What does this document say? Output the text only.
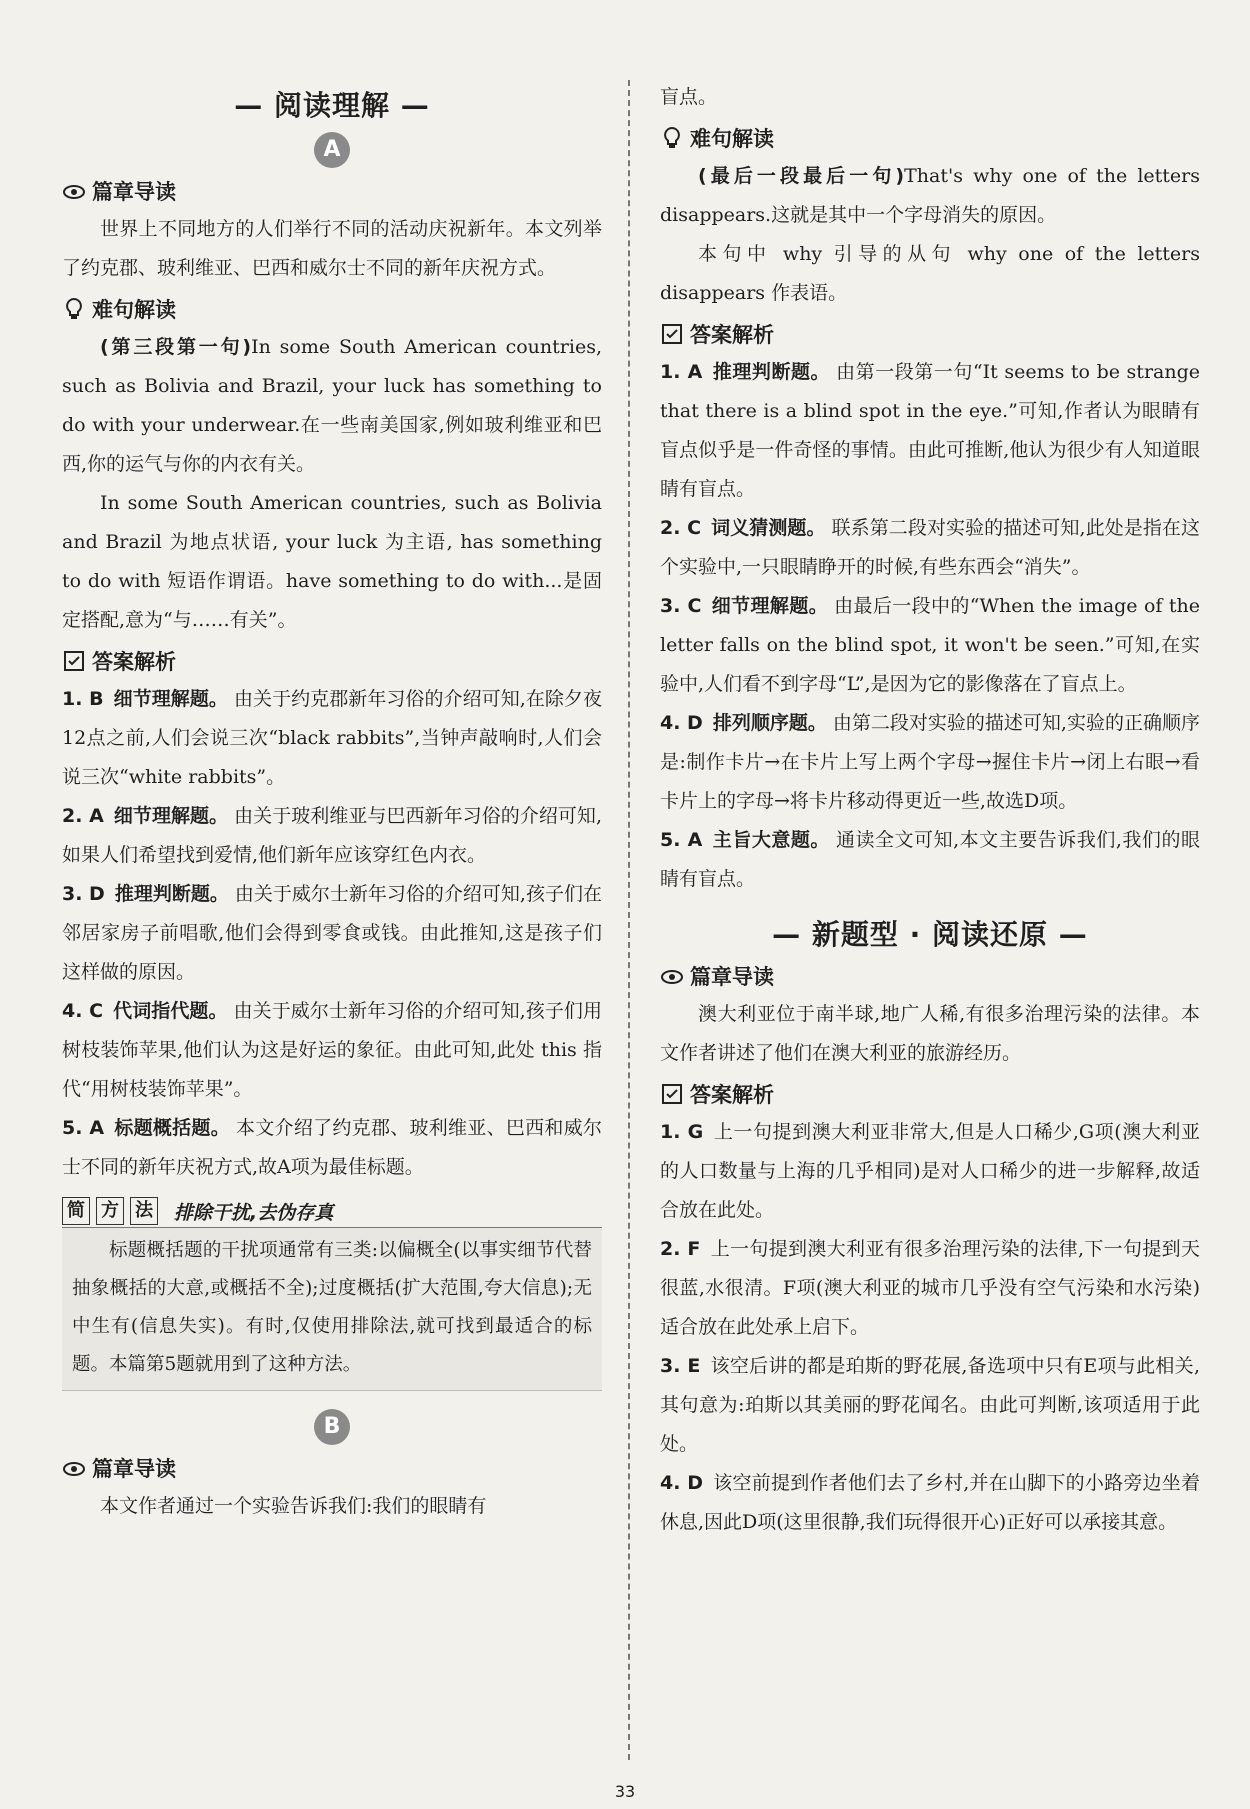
— 阅读理解 —
A
篇章导读

世界上不同地方的人们举行不同的活动庆祝新年。本文列举了约克郡、玻利维亚、巴西和威尔士不同的新年庆祝方式。

难句解读

(第三段第一句)In some South American countries, such as Bolivia and Brazil, your luck has something to do with your underwear.在一些南美国家,例如玻利维亚和巴西,你的运气与你的内衣有关。

In some South American countries, such as Bolivia and Brazil 为地点状语, your luck 为主语, has something to do with 短语作谓语。have something to do with...是固定搭配,意为“与……有关”。

答案解析

1. B 细节理解题。 由关于约克郡新年习俗的介绍可知,在除夕夜12点之前,人们会说三次“black rabbits”,当钟声敲响时,人们会说三次“white rabbits”。

2. A 细节理解题。 由关于玻利维亚与巴西新年习俗的介绍可知,如果人们希望找到爱情,他们新年应该穿红色内衣。

3. D 推理判断题。 由关于威尔士新年习俗的介绍可知,孩子们在邻居家房子前唱歌,他们会得到零食或钱。由此推知,这是孩子们这样做的原因。

4. C 代词指代题。 由关于威尔士新年习俗的介绍可知,孩子们用树枝装饰苹果,他们认为这是好运的象征。由此可知,此处 this 指代“用树枝装饰苹果”。

5. A 标题概括题。 本文介绍了约克郡、玻利维亚、巴西和威尔士不同的新年庆祝方式,故A项为最佳标题。

简 方 法 排除干扰,去伪存真

标题概括题的干扰项通常有三类:以偏概全(以事实细节代替抽象概括的大意,或概括不全);过度概括(扩大范围,夸大信息);无中生有(信息失实)。有时,仅使用排除法,就可找到最适合的标题。本篇第5题就用到了这种方法。

B
篇章导读

本文作者通过一个实验告诉我们:我们的眼睛有

盲点。

难句解读

(最后一段最后一句)That's why one of the letters disappears.这就是其中一个字母消失的原因。

本句中 why 引导的从句 why one of the letters disappears 作表语。

答案解析

1. A 推理判断题。 由第一段第一句“It seems to be strange that there is a blind spot in the eye.”可知,作者认为眼睛有盲点似乎是一件奇怪的事情。由此可推断,他认为很少有人知道眼睛有盲点。

2. C 词义猜测题。 联系第二段对实验的描述可知,此处是指在这个实验中,一只眼睛睁开的时候,有些东西会“消失”。

3. C 细节理解题。 由最后一段中的“When the image of the letter falls on the blind spot, it won't be seen.”可知,在实验中,人们看不到字母“L”,是因为它的影像落在了盲点上。

4. D 排列顺序题。 由第二段对实验的描述可知,实验的正确顺序是:制作卡片→在卡片上写上两个字母→握住卡片→闭上右眼→看卡片上的字母→将卡片移动得更近一些,故选D项。

5. A 主旨大意题。 通读全文可知,本文主要告诉我们,我们的眼睛有盲点。

— 新题型 · 阅读还原 —
篇章导读

澳大利亚位于南半球,地广人稀,有很多治理污染的法律。本文作者讲述了他们在澳大利亚的旅游经历。

答案解析

1. G 上一句提到澳大利亚非常大,但是人口稀少,G项(澳大利亚的人口数量与上海的几乎相同)是对人口稀少的进一步解释,故适合放在此处。

2. F 上一句提到澳大利亚有很多治理污染的法律,下一句提到天很蓝,水很清。F项(澳大利亚的城市几乎没有空气污染和水污染)适合放在此处承上启下。

3. E 该空后讲的都是珀斯的野花展,备选项中只有E项与此相关,其句意为:珀斯以其美丽的野花闻名。由此可判断,该项适用于此处。

4. D 该空前提到作者他们去了乡村,并在山脚下的小路旁边坐着休息,因此D项(这里很静,我们玩得很开心)正好可以承接其意。

33
